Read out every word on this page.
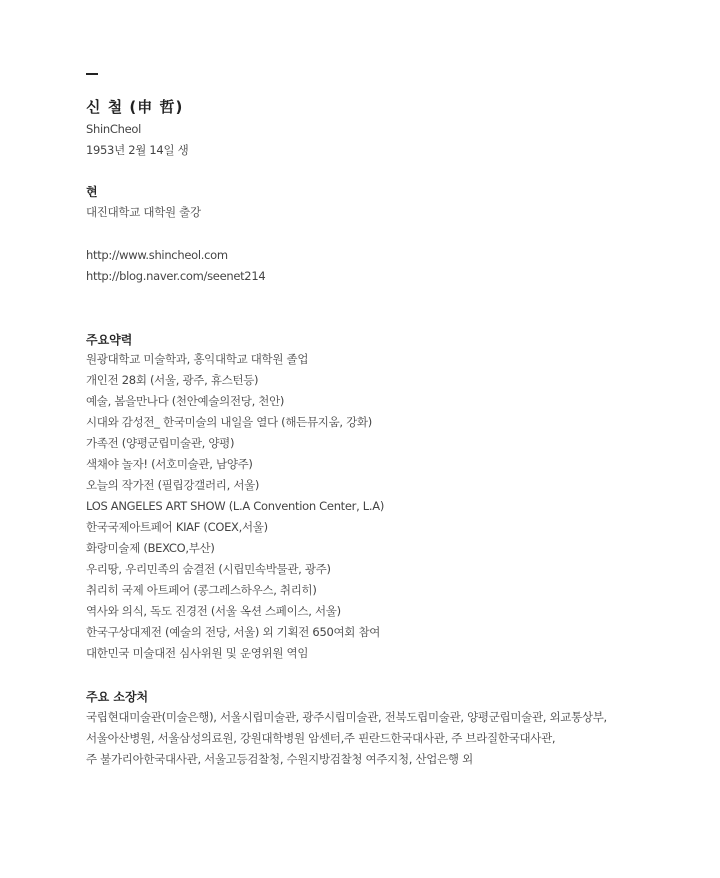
신 철 (申 哲)
ShinCheol
1953년 2월 14일 생
현
대진대학교 대학원 출강
http://www.shincheol.com
http://blog.naver.com/seenet214
주요약력
원광대학교 미술학과, 홍익대학교 대학원 졸업
개인전 28회 (서울, 광주, 휴스턴등)
예술, 봄을만나다 (천안예술의전당, 천안)
시대와 감성전_ 한국미술의 내일을 열다 (해든뮤지움, 강화)
가족전 (양평군립미술관, 양평)
색채야 놀자! (서호미술관, 남양주)
오늘의 작가전 (필립강갤러리, 서울)
LOS ANGELES ART SHOW (L.A Convention Center, L.A)
한국국제아트페어 KIAF (COEX,서울)
화랑미술제 (BEXCO,부산)
우리땅, 우리민족의 숨결전 (시립민속박물관, 광주)
취리히 국제 아트페어 (콩그레스하우스, 취리히)
역사와 의식, 독도 진경전 (서울 옥션 스페이스, 서울)
한국구상대제전 (예술의 전당, 서울) 외 기획전 650여회 참여
대한민국 미술대전 심사위원 및 운영위원 역임
주요 소장처
국립현대미술관(미술은행), 서울시립미술관, 광주시립미술관, 전북도립미술관, 양평군립미술관, 외교통상부,
서울아산병원, 서울삼성의료원, 강원대학병원 암센터,주 핀란드한국대사관, 주 브라질한국대사관,
주 불가리아한국대사관, 서울고등검찰청, 수원지방검찰청 여주지청, 산업은행 외
